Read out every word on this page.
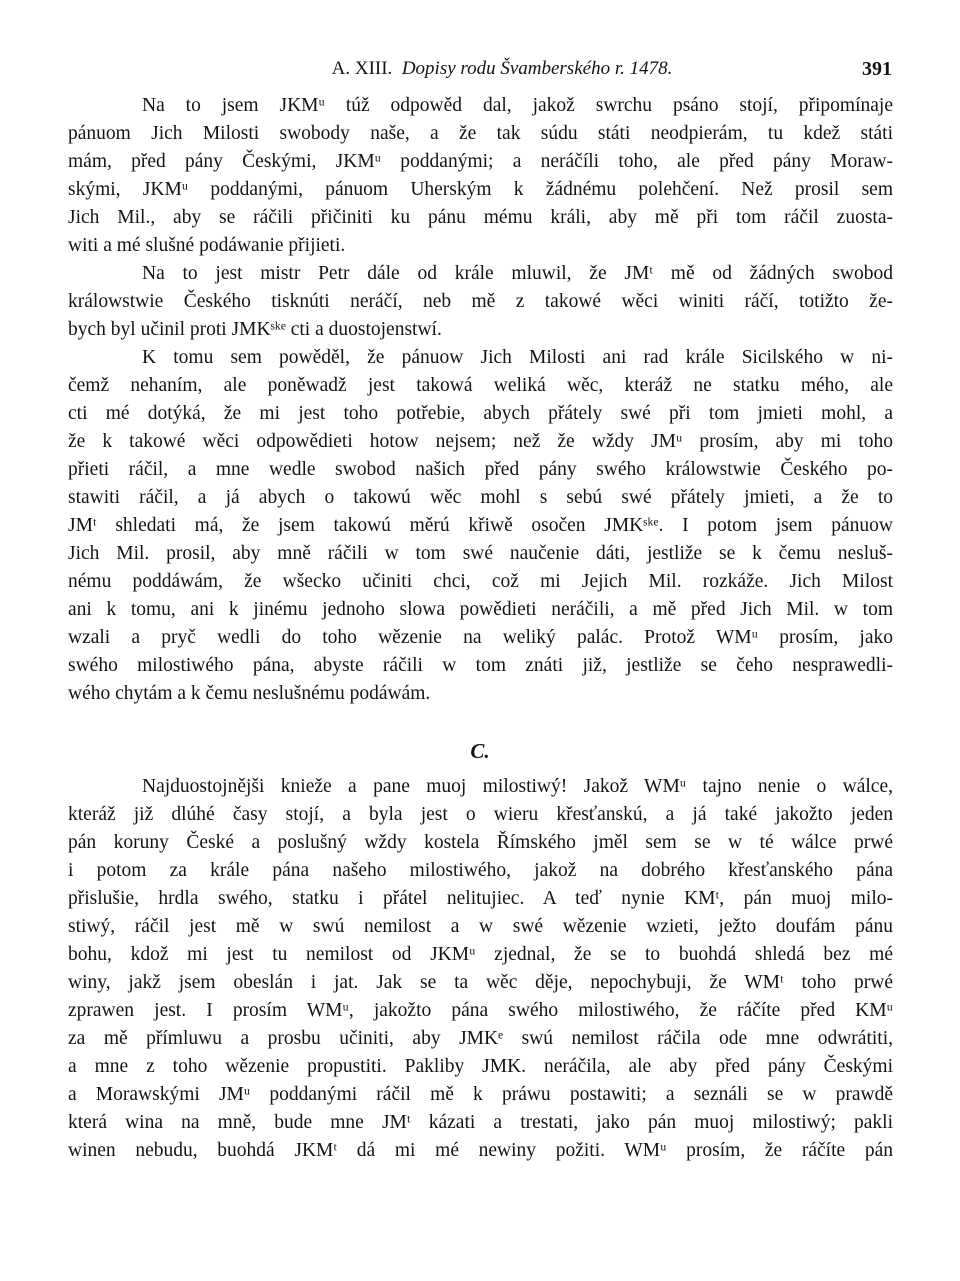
A. XIII. Dopisy rodu Švamberského r. 1478.	391
Na to jsem JKMᵘ túž odpowěd dal, jakož swrchu psáno stojí, připomínaje
pánuom Jich Milosti swobody naše, a že tak súdu státi neodpierám, tu kdež státi
mám, před pány Českými, JKMᵘ poddanými; a neráčíli toho, ale před pány Moraw-
skými, JKMᵘ poddanými, pánuom Uherským k žádnému polehčení. Než prosil sem
Jich Mil., aby se ráčili přičiniti ku pánu mému králi, aby mě při tom ráčil zuosta-
witi a mé slušné podáwanie přijieti.
Na to jest mistr Petr dále od krále mluwil, že JMᵗ mě od žádných swobod
králowstwie Českého tisknúti neráčí, neb mě z takowé wěci winiti ráčí, totižto že-
bych byl učinil proti JMKˢᵏᵉ cti a duostojenstwí.
K tomu sem powěděl, že pánuow Jich Milosti ani rad krále Sicilského w ni-
čemž nehaním, ale poněwadž jest takowá weliká wěc, kteráž ne statku mého, ale
cti mé dotýká, že mi jest toho potřebie, abych přátely swé při tom jmieti mohl, a
že k takowé wěci odpowědieti hotow nejsem; než že wždy JMᵘ prosím, aby mi toho
přieti ráčil, a mne wedle swobod našich před pány swého králowstwie Českého po-
stawiti ráčil, a já abych o takowú wěc mohl s sebú swé přátely jmieti, a že to
JMᵗ shledati má, že jsem takowú měrú křiwě osočen JMKˢᵏᵉ. I potom jsem pánuow
Jich Mil. prosil, aby mně ráčili w tom swé naučenie dáti, jestliže se k čemu nesluš-
nému poddáwám, že wšecko učiniti chci, což mi Jejich Mil. rozkáže. Jich Milost
ani k tomu, ani k jinému jednoho slowa powědieti neráčili, a mě před Jich Mil. w tom
wzali a pryč wedli do toho wězenie na weliký palác. Protož WMᵘ prosím, jako
swého milostiwého pána, abyste ráčili w tom znáti již, jestliže se čeho nesprawedli-
wého chytám a k čemu neslušnému podáwám.
C.
Najduostojnějši knieže a pane muoj milostiwý! Jakož WMᵘ tajno nenie o wálce,
kteráž již dlúhé časy stojí, a byla jest o wieru křesťanskú, a já také jakožto jeden
pán koruny České a poslušný wždy kostela Římského jměl sem se w té wálce prwé
i potom za krále pána našeho milostiwého, jakož na dobrého křesťanského pána
přislušie, hrdla swého, statku i přátel nelitujiec. A teď nynie KMᵗ, pán muoj milo-
stiwý, ráčil jest mě w swú nemilost a w swé wězenie wzieti, ježto doufám pánu
bohu, kdož mi jest tu nemilost od JKMᵘ zjednal, že se to buohdá shledá bez mé
winy, jakž jsem obeslán i jat. Jak se ta wěc děje, nepochybuji, že WMᵗ toho prwé
zprawen jest. I prosím WMᵘ, jakožto pána swého milostiwého, že ráčíte před KMᵘ
za mě přímluwu a prosbu učiniti, aby JMKᵉ swú nemilost ráčila ode mne odwrátiti,
a mne z toho wězenie propustiti. Pakliby JMK. neráčila, ale aby před pány Českými
a Morawskými JMᵘ poddanými ráčil mě k práwu postawiti; a seználi se w prawdě
která wina na mně, bude mne JMᵗ kázati a trestati, jako pán muoj milostiwý; pakli
winen nebudu, buohdá JKMᵗ dá mi mé newiny požiti. WMᵘ prosím, že ráčíte pán
